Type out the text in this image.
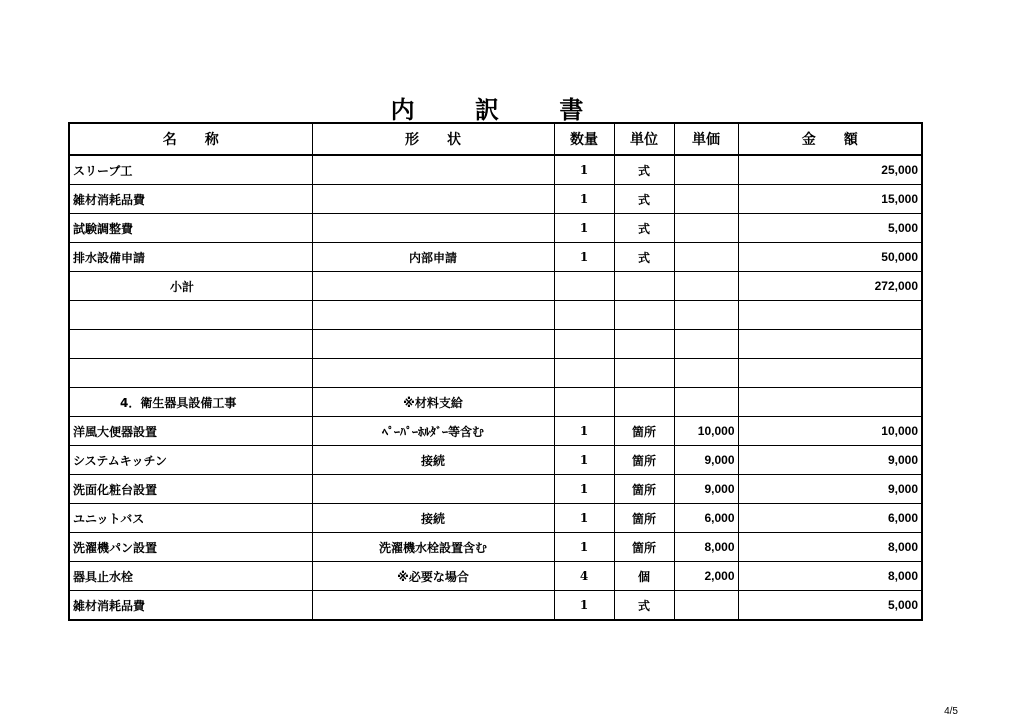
内 訳 書
名　　称	形　　状	数量	単位	単価	金　　額
スリーブ工		1	式		25,000
雑材消耗品費		1	式		15,000
試験調整費		1	式		5,000
排水設備申請	内部申請	1	式		50,000
小計					272,000

4．衛生器具設備工事	※材料支給				
洋風大便器設置	ﾍﾟｰﾊﾟｰﾎﾙﾀﾞｰ等含む	1	箇所	10,000	10,000
システムキッチン	接続	1	箇所	9,000	9,000
洗面化粧台設置		1	箇所	9,000	9,000
ユニットバス	接続	1	箇所	6,000	6,000
洗濯機パン設置	洗濯機水栓設置含む	1	箇所	8,000	8,000
器具止水栓	※必要な場合	4	個	2,000	8,000
雑材消耗品費		1	式		5,000
4/5
